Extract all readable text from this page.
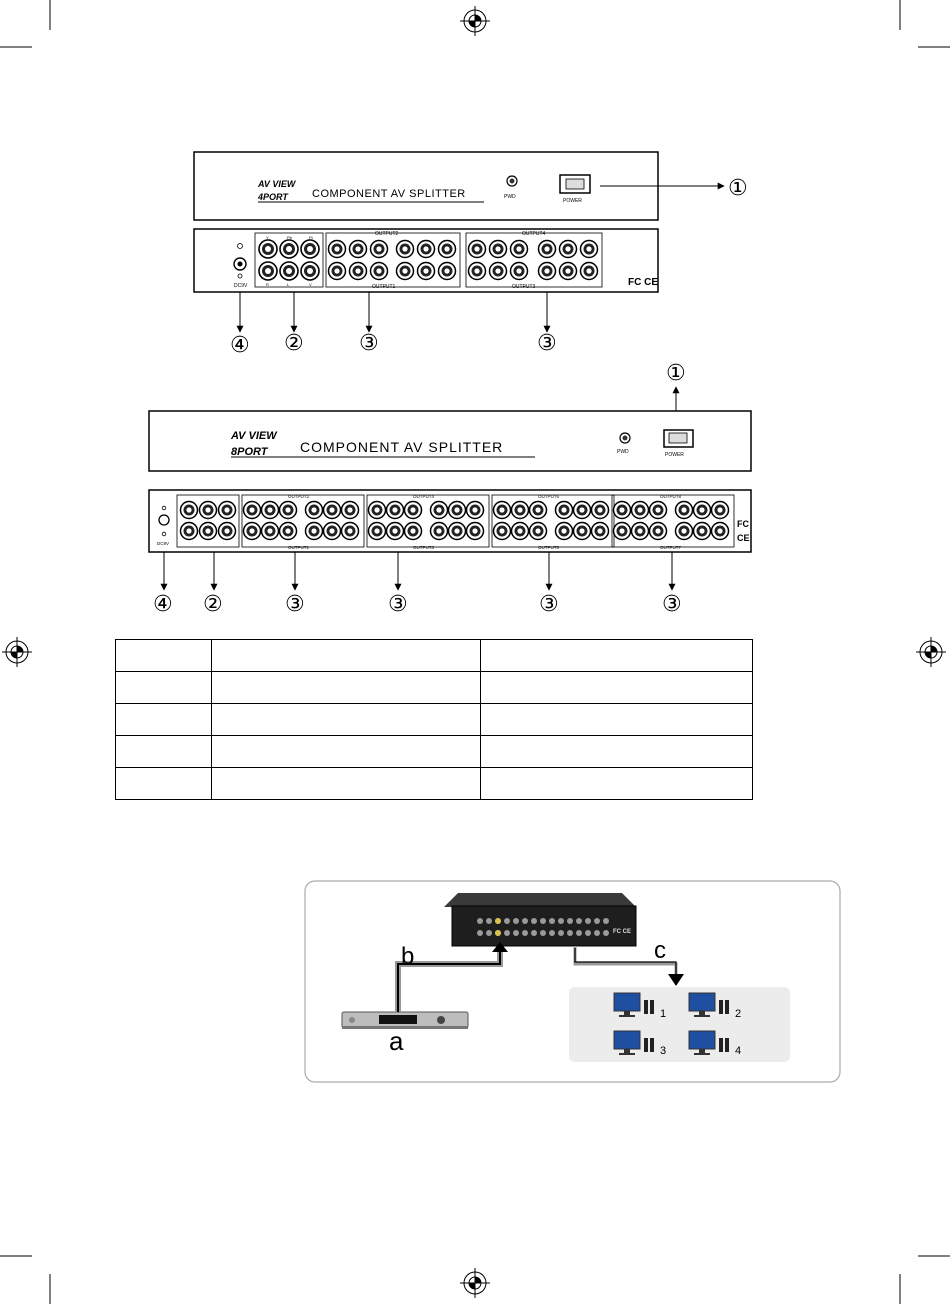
AV VIEW
4PORT COMPONENT AV SPLITTER	PWD
POWER	①
DC9V
Y	Pb	Pr
R	L	V
OUTPUT2
OUTPUT1
OUTPUT4
OUTPUT3	FC CE
④ ②	③	③
①
AV VIEW
8PORT COMPONENT AV SPLITTER	PWD	POWER
DC9V
OUTPUT2
OUTPUT1
OUTPUT4
OUTPUT3
OUTPUT6
OUTPUT5
OUTPUT8
OUTPUT7
FC
CE
④ ②	③	③	③	③
FC CE
b
a
c
1	2
3	4
